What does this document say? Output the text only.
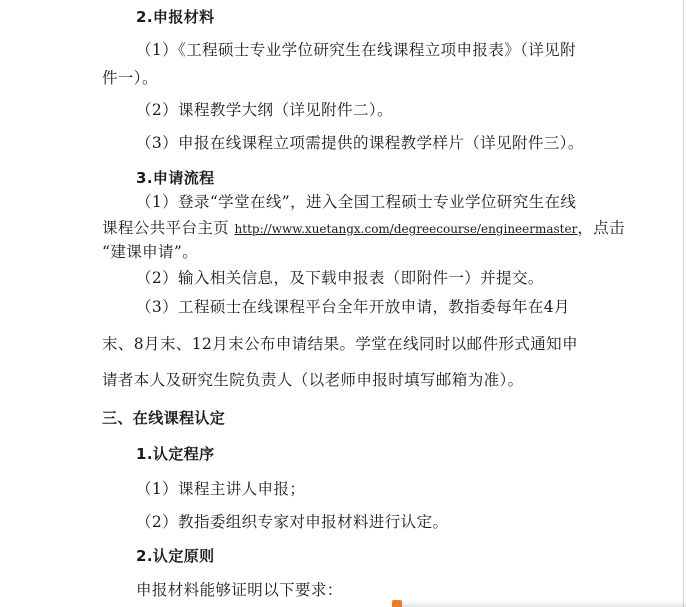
2.申报材料
（1）《工程硕士专业学位研究生在线课程立项申报表》（详见附
件一）。
（2）课程教学大纲（详见附件二）。
（3）申报在线课程立项需提供的课程教学样片（详见附件三）。
3.申请流程
（1）登录“学堂在线”，进入全国工程硕士专业学位研究生在线
课程公共平台主页 http://www.xuetangx.com/degreecourse/engineermaster，点击
“建课申请”。
（2）输入相关信息，及下载申报表（即附件一）并提交。
（3）工程硕士在线课程平台全年开放申请，教指委每年在4月
末、8月末、12月末公布申请结果。学堂在线同时以邮件形式通知申
请者本人及研究生院负责人（以老师申报时填写邮箱为准）。
三、在线课程认定
1.认定程序
（1）课程主讲人申报；
（2）教指委组织专家对申报材料进行认定。
2.认定原则
申报材料能够证明以下要求：
